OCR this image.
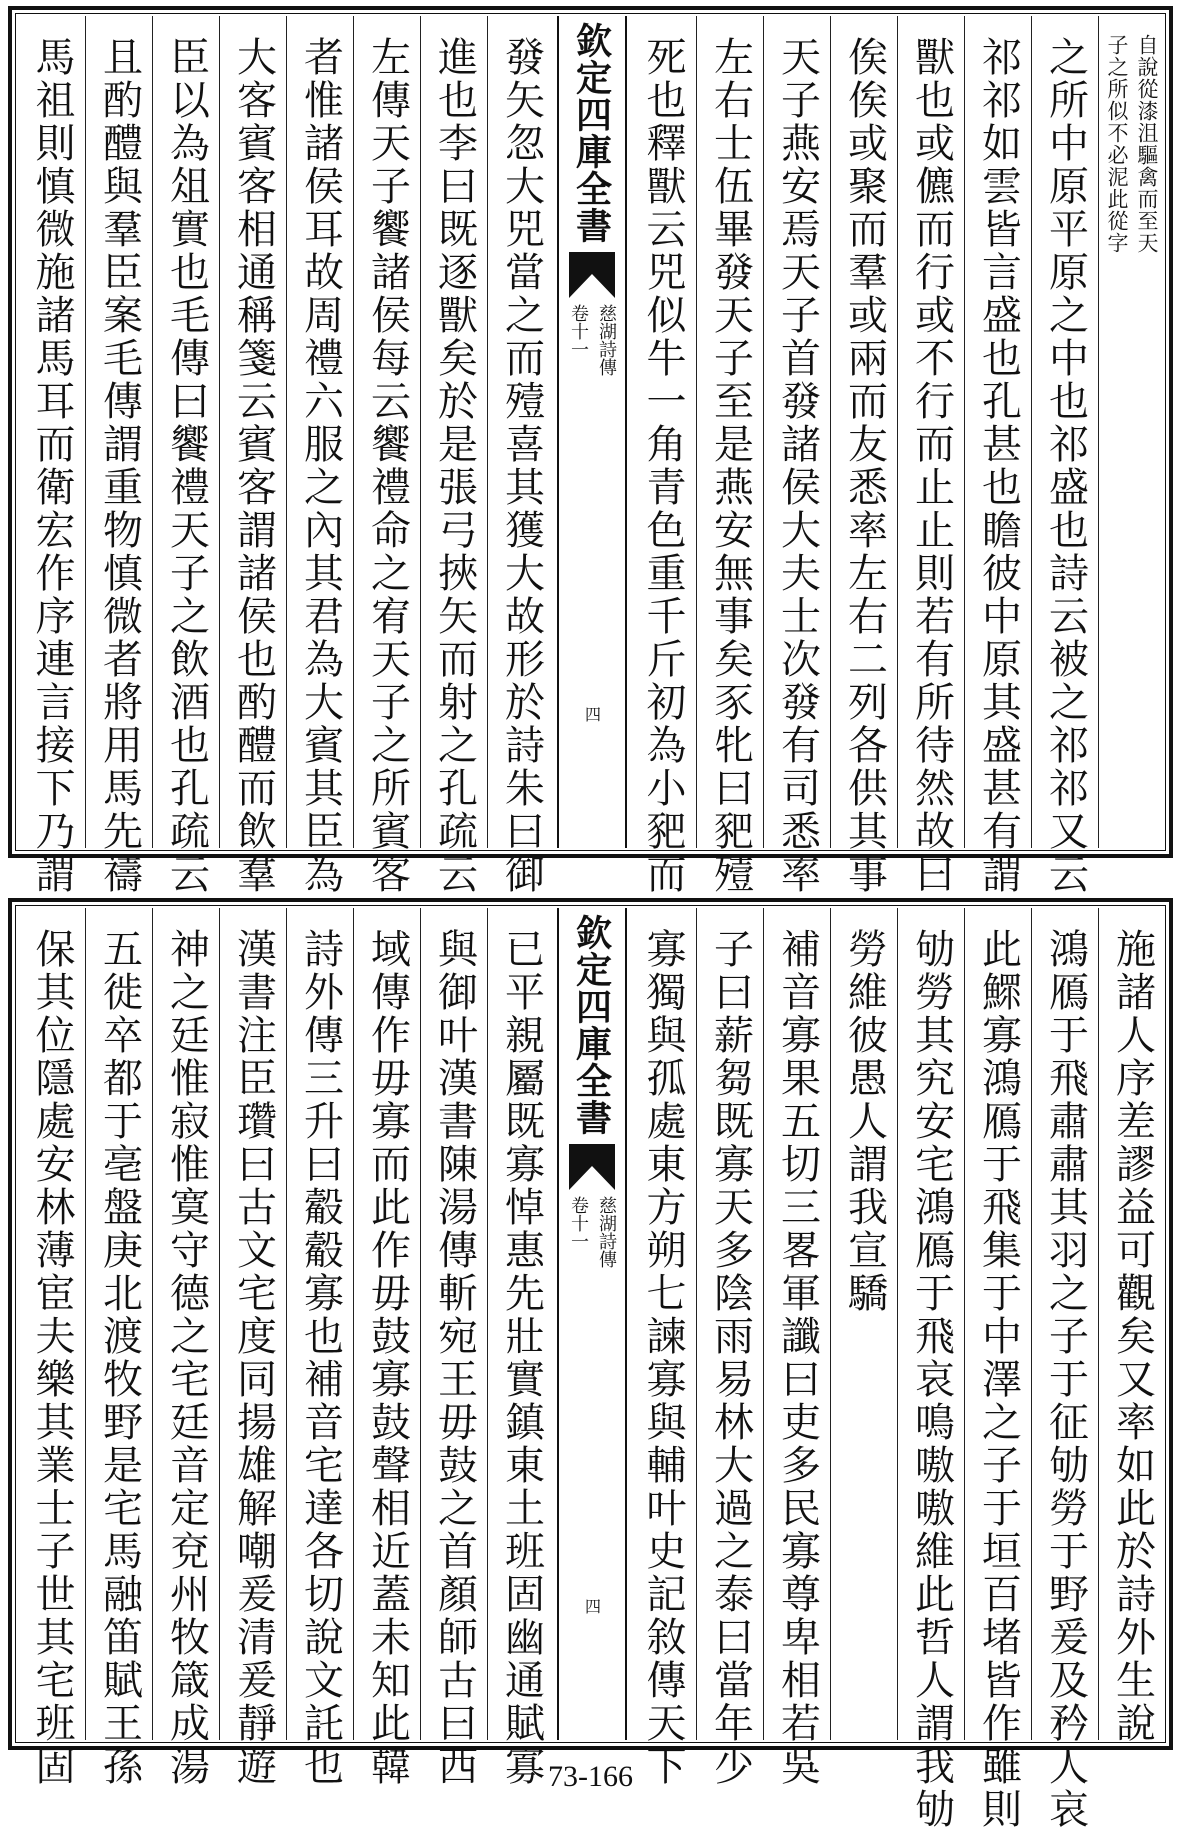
自說從漆沮驅禽而至天
子之所似不必泥此從字
之所中原平原之中也祁盛也詩云被之祁祁又云
祁祁如雲皆言盛也孔甚也瞻彼中原其盛甚有謂
獸也或儦而行或不行而止止則若有所待然故曰
俟俟或聚而羣或兩而友悉率左右二列各供其事
天子燕安焉天子首發諸侯大夫士次發有司悉率
左右士伍畢發天子至是燕安無事矣豕牝曰豝殪
死也釋獸云兕似牛一角青色重千斤初為小豝而
欽定四庫全書
慈湖詩傳
卷十一
四
發矢忽大兕當之而殪喜其獲大故形於詩朱曰御
進也李曰既逐獸矣於是張弓挾矢而射之孔疏云
左傳天子饗諸侯每云饗禮命之宥天子之所賓客
者惟諸侯耳故周禮六服之內其君為大賓其臣為
大客賓客相通稱箋云賓客謂諸侯也酌醴而飲羣
臣以為俎實也毛傳曰饗禮天子之飲酒也孔疏云
且酌醴與羣臣案毛傳謂重物慎微者將用馬先禱
馬祖則慎微施諸馬耳而衛宏作序連言接下乃謂
施諸人序差謬益可觀矣又率如此於詩外生說
鴻鴈于飛肅肅其羽之子于征劬勞于野爰及矜人哀
此鰥寡鴻鴈于飛集于中澤之子于垣百堵皆作雖則
劬勞其究安宅鴻鴈于飛哀鳴嗷嗷維此哲人謂我劬
勞維彼愚人謂我宣驕
補音寡果五切三畧軍讖曰吏多民寡尊卑相若吳
子曰薪芻既寡天多陰雨易林大過之泰曰當年少
寡獨與孤處東方朔七諫寡與輔叶史記敘傳天下
欽定四庫全書
慈湖詩傳
卷十一
四
已平親屬既寡悼惠先壯實鎮東土班固幽通賦寡
與御叶漢書陳湯傳斬宛王毋鼓之首顏師古曰西
域傳作毋寡而此作毋鼓寡鼓聲相近蓋未知此韓
詩外傳三升曰觳觳寡也補音宅達各切說文託也
漢書注臣瓚曰古文宅度同揚雄解嘲爰清爰靜遊
神之廷惟寂惟寞守德之宅廷音定兗州牧箴成湯
五徙卒都于亳盤庚北渡牧野是宅馬融笛賦王孫
保其位隱處安林薄宦夫樂其業士子世其宅班固	73-166
